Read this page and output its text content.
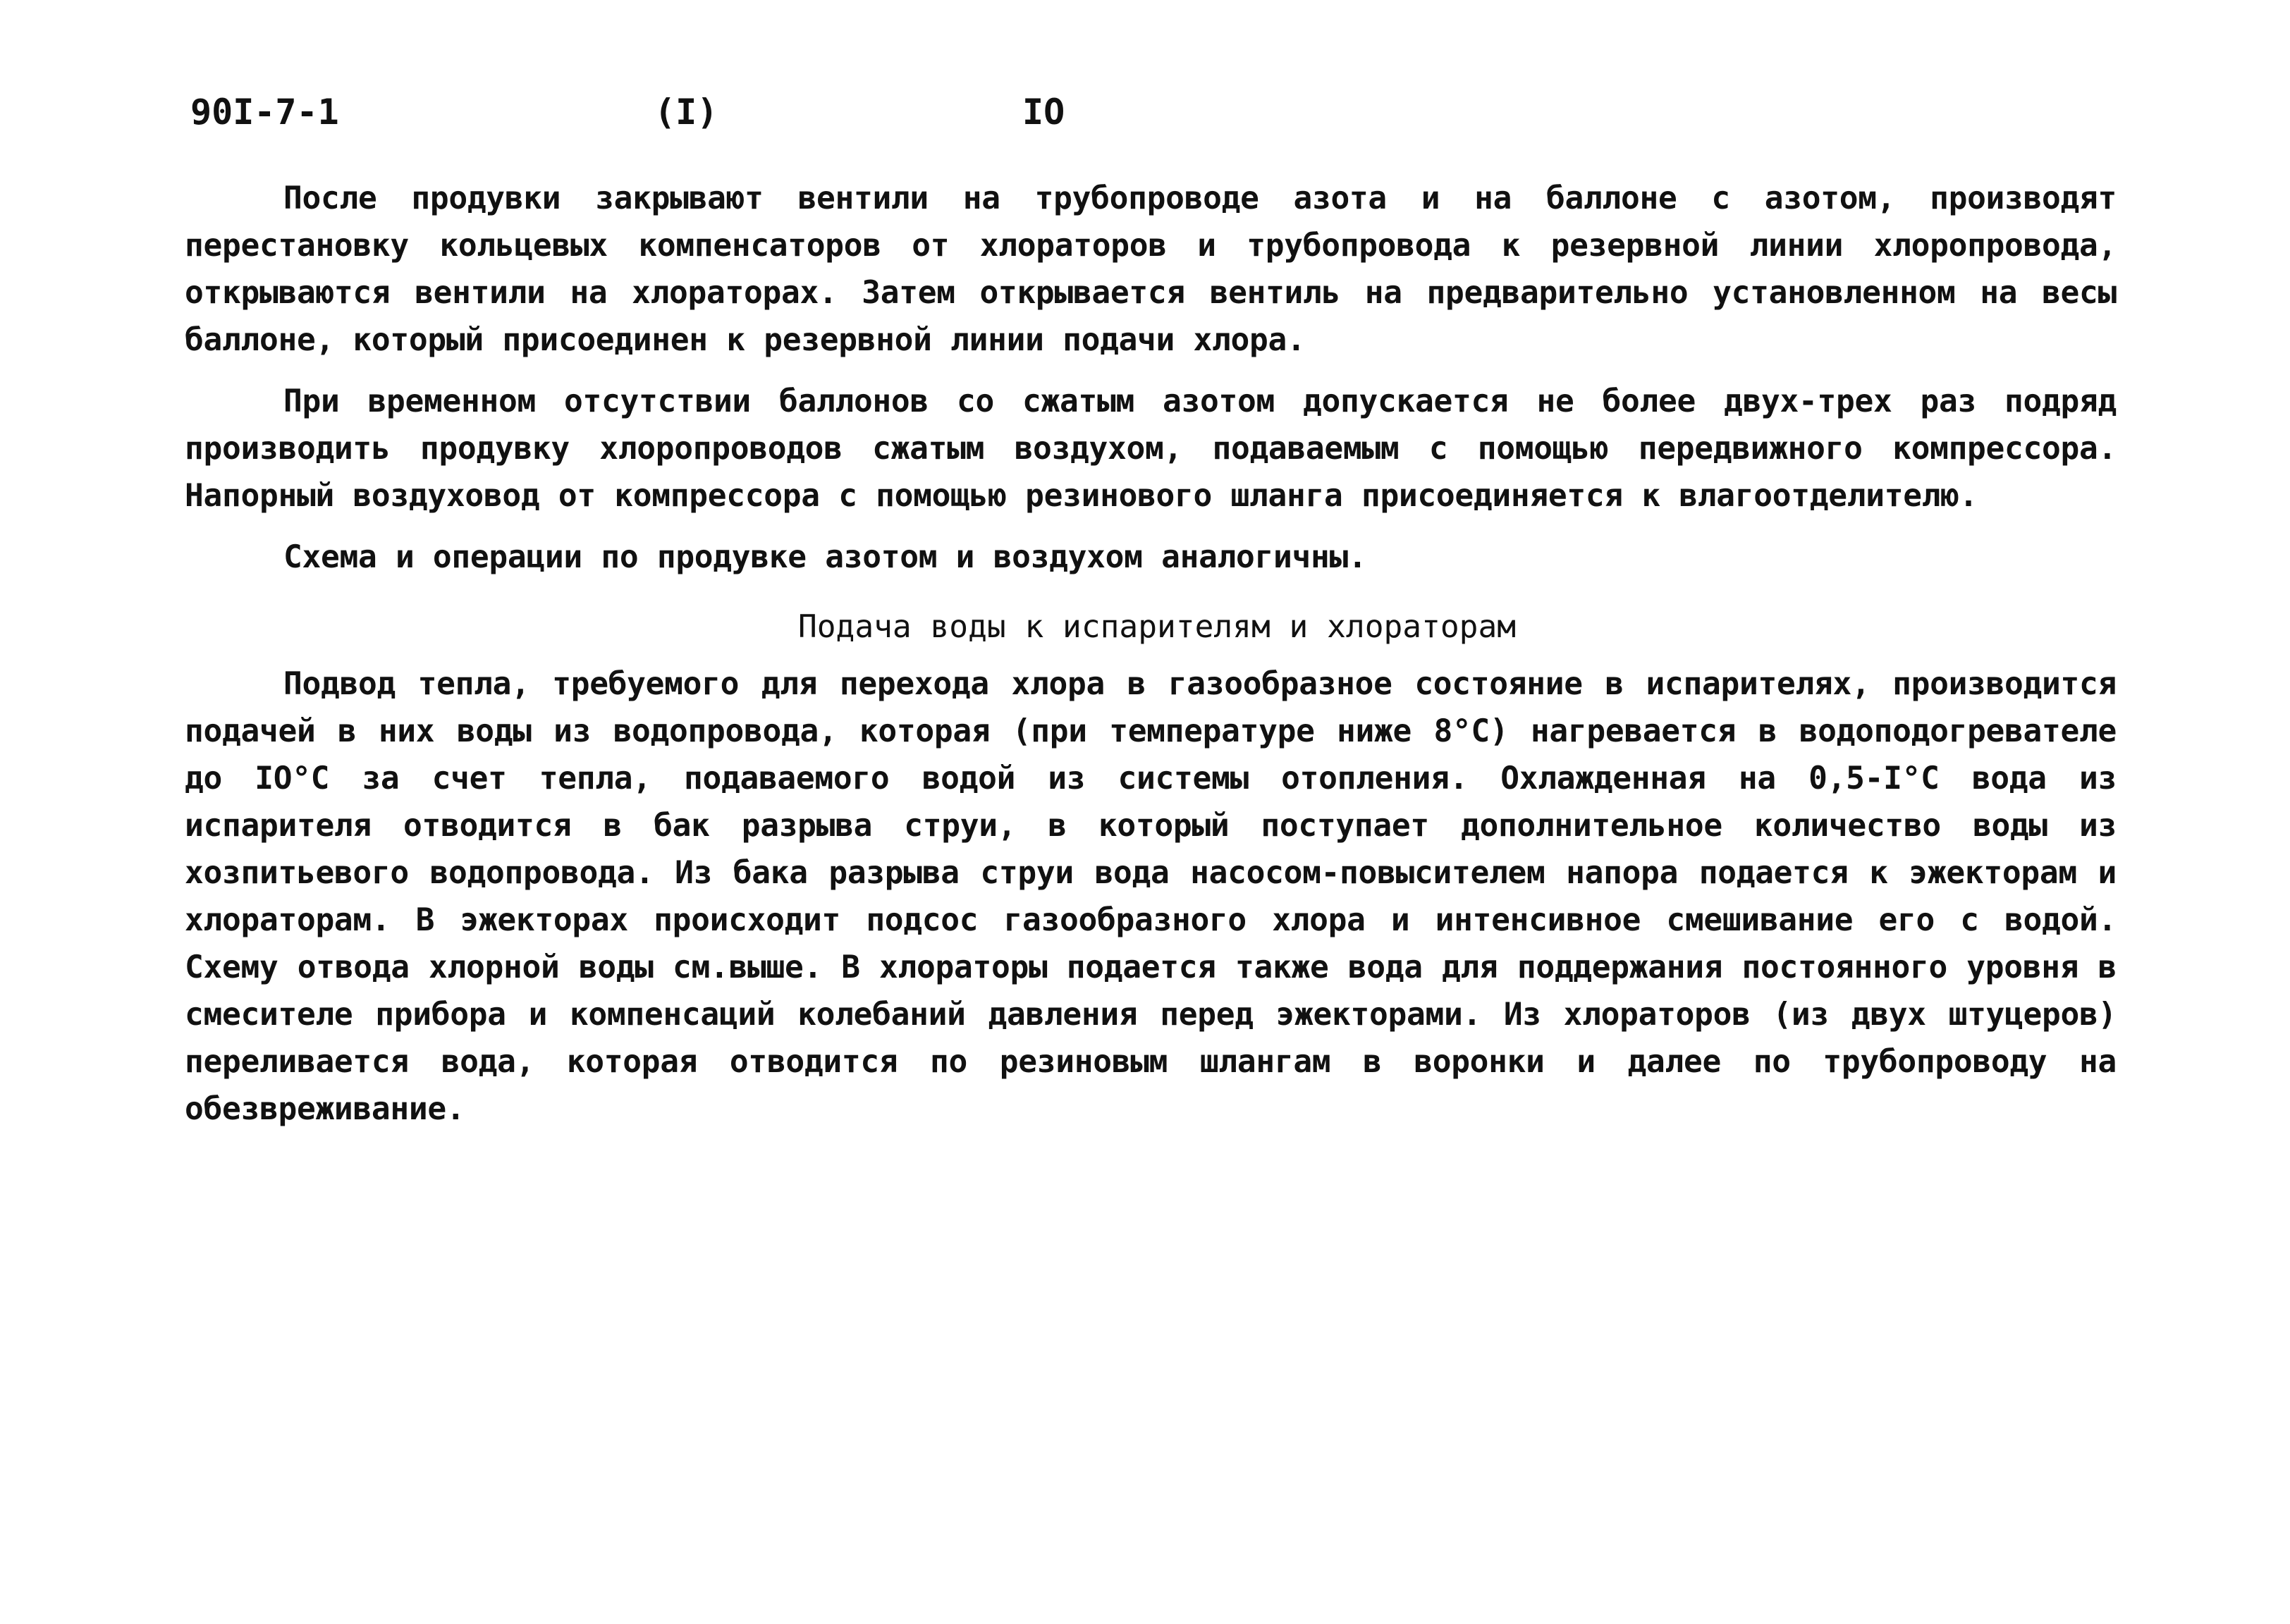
90I-7-1	(I)	IO

После продувки закрывают вентили на трубопроводе азота и на баллоне с азотом, производят перестановку кольцевых компенсаторов от хлораторов и трубопровода к резервной линии хлоропровода, открываются вентили на хлораторах. Затем открывается вентиль на предварительно установленном на весы баллоне, который присоединен к резервной линии подачи хлора.

При временном отсутствии баллонов со сжатым азотом допускается не более двух-трех раз подряд производить продувку хлоропроводов сжатым воздухом, подаваемым с помощью передвижного компрессора. Напорный воздуховод от компрессора с помощью резинового шланга присоединяется к влагоотделителю.

Схема и операции по продувке азотом и воздухом аналогичны.

Подача воды к испарителям и хлораторам

Подвод тепла, требуемого для перехода хлора в газообразное состояние в испарителях, производится подачей в них воды из водопровода, которая (при температуре ниже 8°C) нагревается в водоподогревателе до IO°C за счет тепла, подаваемого водой из системы отопления. Охлажденная на 0,5-I°C вода из испарителя отводится в бак разрыва струи, в который поступает дополнительное количество воды из хозпитьевого водопровода. Из бака разрыва струи вода насосом-повысителем напора подается к эжекторам и хлораторам. В эжекторах происходит подсос газообразного хлора и интенсивное смешивание его с водой. Схему отвода хлорной воды см.выше. В хлораторы подается также вода для поддержания постоянного уровня в смесителе прибора и компенсаций колебаний давления перед эжекторами. Из хлораторов (из двух штуцеров) переливается вода, которая отводится по резиновым шлангам в воронки и далее по трубопроводу на обезвреживание.
